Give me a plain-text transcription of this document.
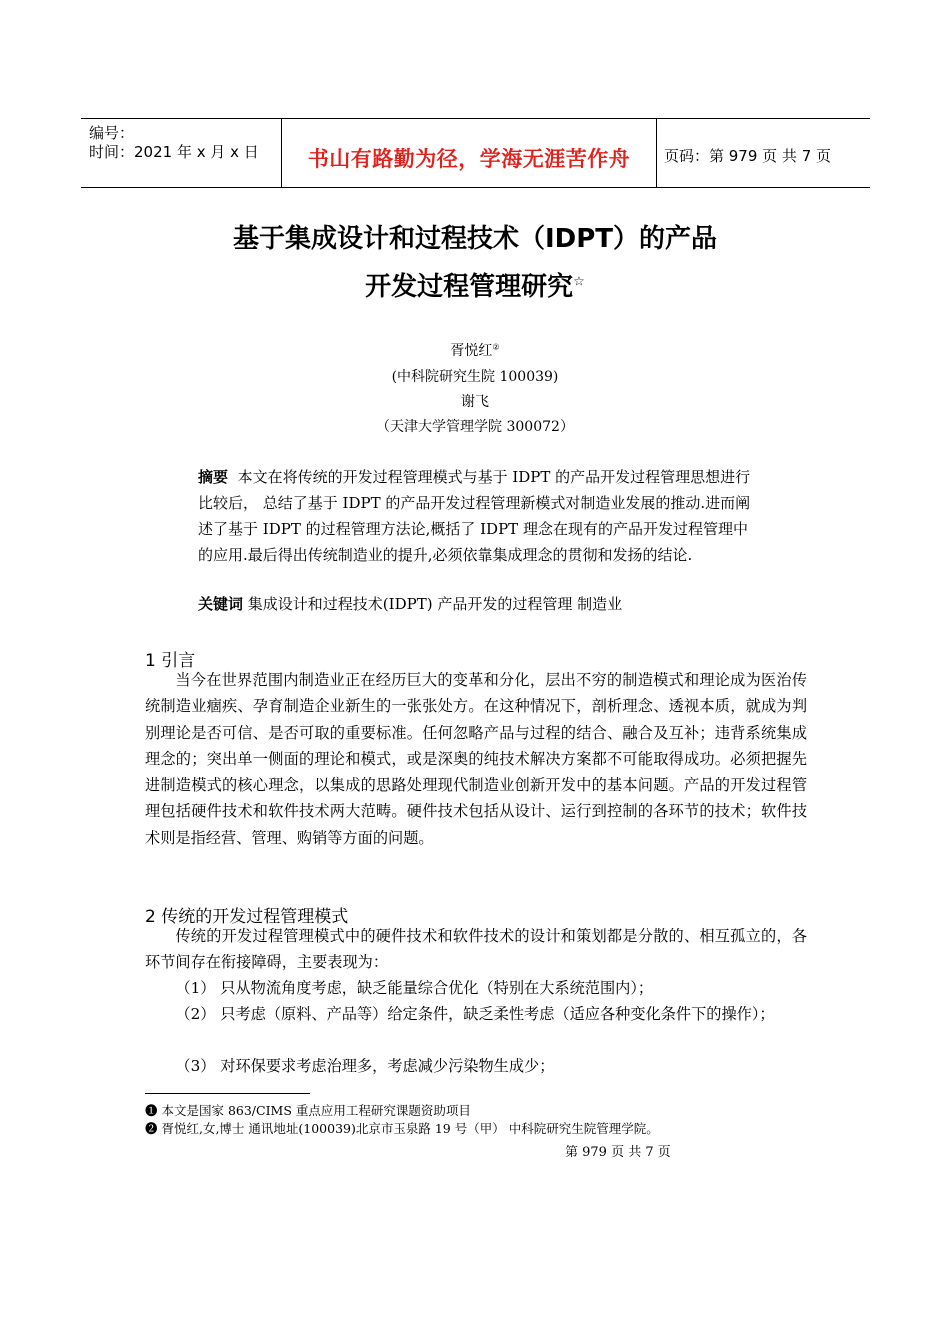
编号：
时间：2021 年 x 月 x 日	书山有路勤为径，学海无涯苦作舟	页码：第 979 页 共 7 页
基于集成设计和过程技术（IDPT）的产品
开发过程管理研究☆
胥悦红②
(中科院研究生院 100039)
谢飞
（天津大学管理学院 300072）
摘要 本文在将传统的开发过程管理模式与基于 IDPT 的产品开发过程管理思想进行比较后， 总结了基于 IDPT 的产品开发过程管理新模式对制造业发展的推动.进而阐述了基于 IDPT 的过程管理方法论,概括了 IDPT 理念在现有的产品开发过程管理中的应用.最后得出传统制造业的提升,必须依靠集成理念的贯彻和发扬的结论.
关键词 集成设计和过程技术(IDPT) 产品开发的过程管理 制造业
1 引言
当今在世界范围内制造业正在经历巨大的变革和分化，层出不穷的制造模式和理论成为医治传统制造业痼疾、孕育制造企业新生的一张张处方。在这种情况下，剖析理念、透视本质，就成为判别理论是否可信、是否可取的重要标准。任何忽略产品与过程的结合、融合及互补；违背系统集成理念的；突出单一侧面的理论和模式，或是深奥的纯技术解决方案都不可能取得成功。必须把握先进制造模式的核心理念，以集成的思路处理现代制造业创新开发中的基本问题。产品的开发过程管理包括硬件技术和软件技术两大范畴。硬件技术包括从设计、运行到控制的各环节的技术；软件技术则是指经营、管理、购销等方面的问题。
2 传统的开发过程管理模式
传统的开发过程管理模式中的硬件技术和软件技术的设计和策划都是分散的、相互孤立的，各环节间存在衔接障碍，主要表现为：
（1） 只从物流角度考虑，缺乏能量综合优化（特别在大系统范围内）；
（2） 只考虑（原料、产品等）给定条件，缺乏柔性考虑（适应各种变化条件下的操作）；
（3） 对环保要求考虑治理多，考虑减少污染物生成少；
❶ 本文是国家 863/CIMS 重点应用工程研究课题资助项目
❷ 胥悦红,女,博士 通讯地址(100039)北京市玉泉路 19 号（甲） 中科院研究生院管理学院。
第 979 页 共 7 页
